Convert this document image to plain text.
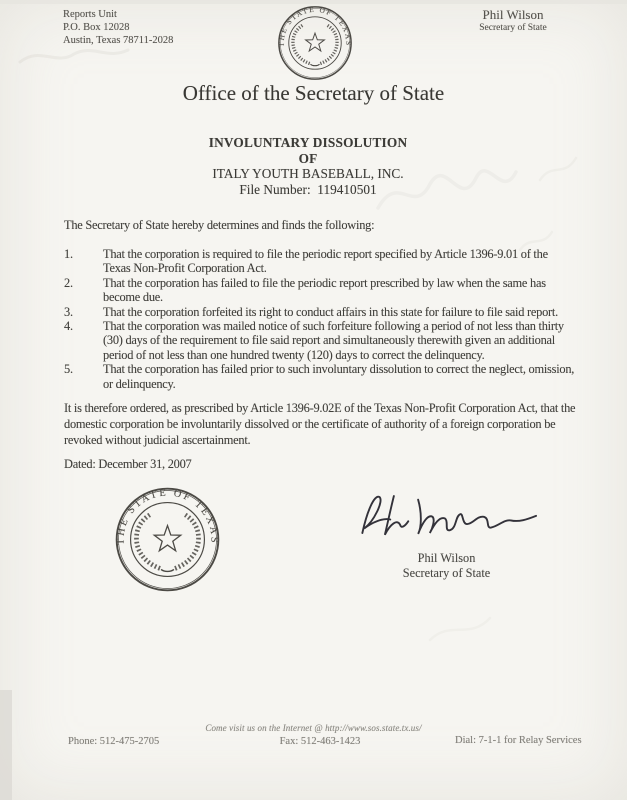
Reports Unit
P.O. Box 12028
Austin, Texas 78711-2028
Phil Wilson
Secretary of State
THE STATE OF TEXAS
Office of the Secretary of State
INVOLUNTARY DISSOLUTION
OF
ITALY YOUTH BASEBALL, INC.
File Number: 119410501

The Secretary of State hereby determines and finds the following:

1.	That the corporation is required to file the periodic report specified by Article 1396-9.01 of the Texas Non-Profit Corporation Act.
2.	That the corporation has failed to file the periodic report prescribed by law when the same has become due.
3.	That the corporation forfeited its right to conduct affairs in this state for failure to file said report.
4.	That the corporation was mailed notice of such forfeiture following a period of not less than thirty (30) days of the requirement to file said report and simultaneously therewith given an additional period of not less than one hundred twenty (120) days to correct the delinquency.
5.	That the corporation has failed prior to such involuntary dissolution to correct the neglect, omission, or delinquency.

It is therefore ordered, as prescribed by Article 1396-9.02E of the Texas Non-Profit Corporation Act, that the domestic corporation be involuntarily dissolved or the certificate of authority of a foreign corporation be revoked without judicial ascertainment.

Dated: December 31, 2007

THE STATE OF TEXAS
Phil Wilson
Secretary of State
Come visit us on the Internet @ http://www.sos.state.tx.us/
Phone: 512-475-2705	Fax: 512-463-1423	Dial: 7-1-1 for Relay Services
